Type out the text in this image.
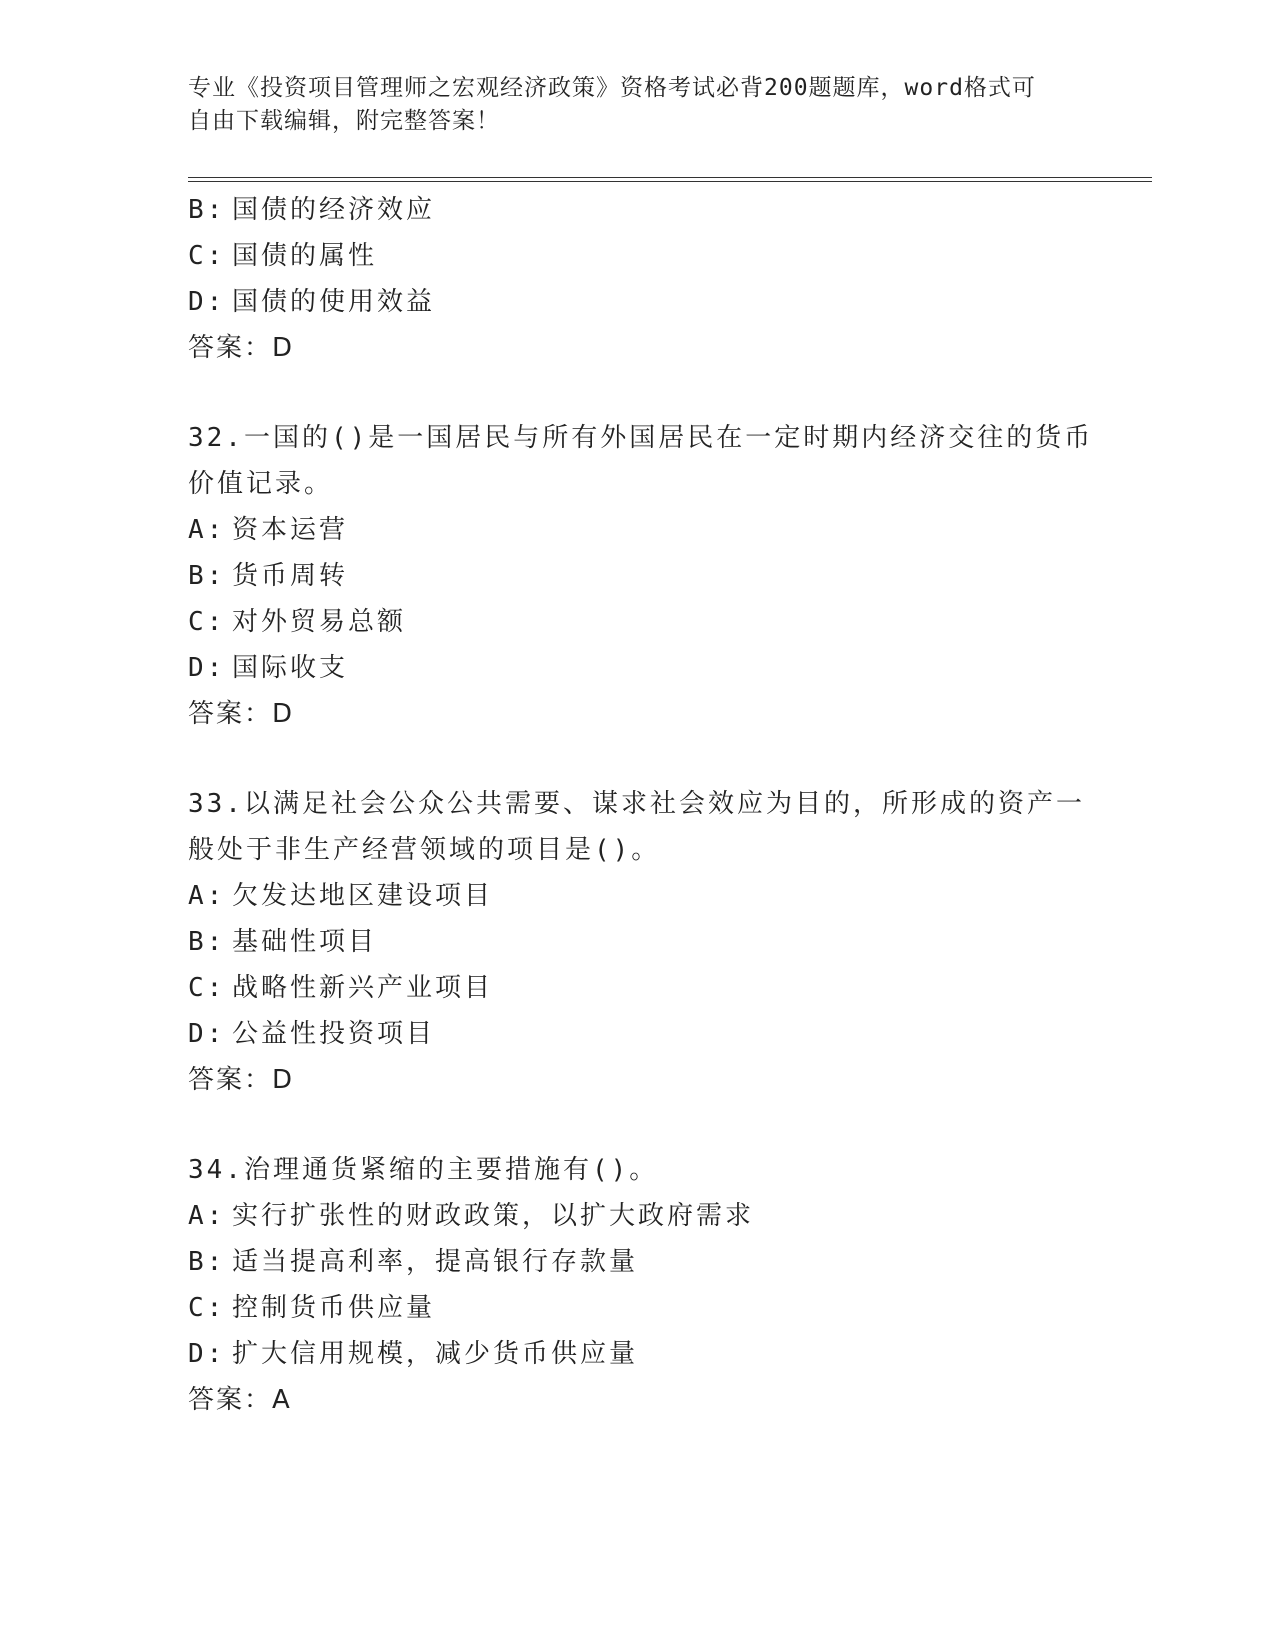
专业《投资项目管理师之宏观经济政策》资格考试必背200题题库，word格式可
自由下载编辑，附完整答案！
B: 国债的经济效应
C: 国债的属性
D: 国债的使用效益
答案：D
32.一国的()是一国居民与所有外国居民在一定时期内经济交往的货币
价值记录。
A: 资本运营
B: 货币周转
C: 对外贸易总额
D: 国际收支
答案：D
33.以满足社会公众公共需要、谋求社会效应为目的，所形成的资产一
般处于非生产经营领域的项目是()。
A: 欠发达地区建设项目
B: 基础性项目
C: 战略性新兴产业项目
D: 公益性投资项目
答案：D
34.治理通货紧缩的主要措施有()。
A: 实行扩张性的财政政策，以扩大政府需求
B: 适当提高利率，提高银行存款量
C: 控制货币供应量
D: 扩大信用规模，减少货币供应量
答案：A
